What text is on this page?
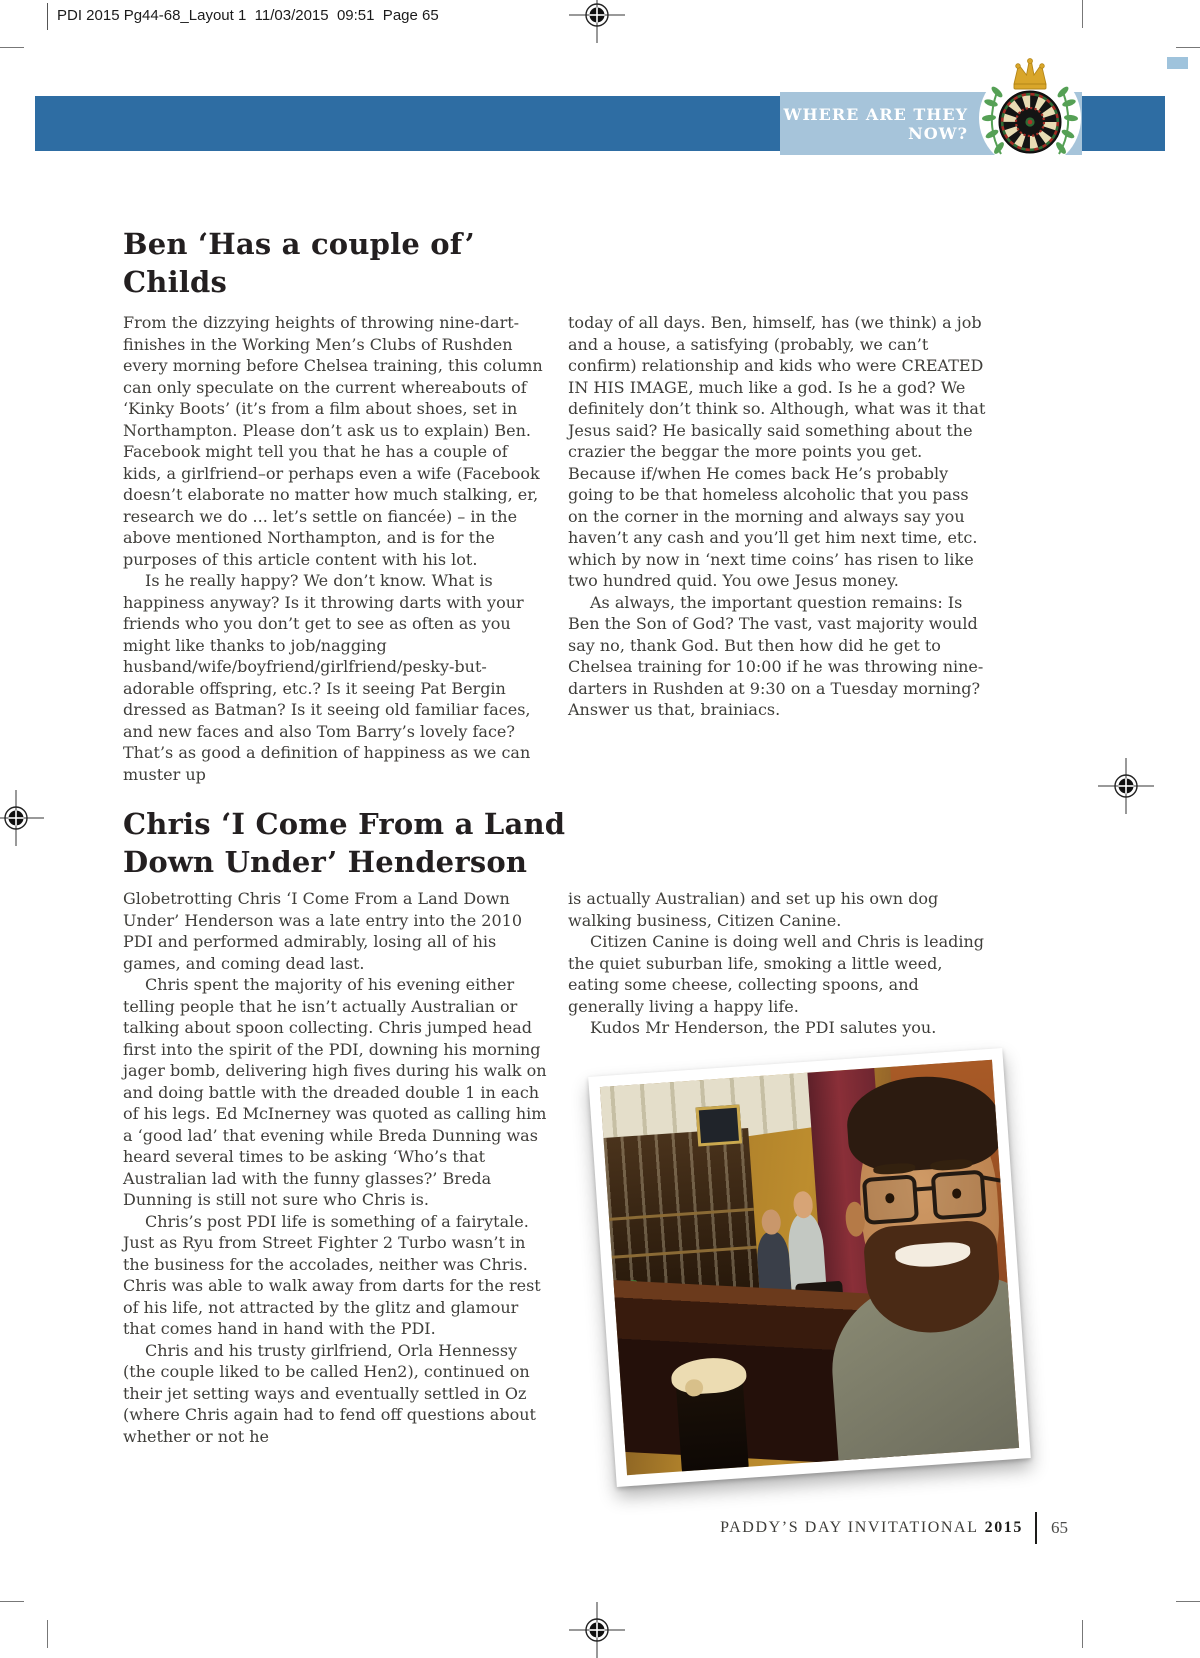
PDI 2015 Pg44-68_Layout 1  11/03/2015  09:51  Page 65
WHERE ARE THEY
NOW?
Ben ‘Has a couple of’
Childs

From the dizzying heights of throwing nine-dart-finishes in the Working Men’s Clubs of Rushden every morning before Chelsea training, this column can only speculate on the current whereabouts of ‘Kinky Boots’ (it’s from a film about shoes, set in Northampton. Please don’t ask us to explain) Ben. Facebook might tell you that he has a couple of kids, a girlfriend–or perhaps even a wife (Facebook doesn’t elaborate no matter how much stalking, er, research we do ... let’s settle on fiancée) – in the above mentioned Northampton, and is for the purposes of this article content with his lot.

Is he really happy? We don’t know. What is happiness anyway? Is it throwing darts with your friends who you don’t get to see as often as you might like thanks to job/nagging husband/wife/boyfriend/girlfriend/pesky-but-adorable offspring, etc.? Is it seeing Pat Bergin dressed as Batman? Is it seeing old familiar faces, and new faces and also Tom Barry’s lovely face? That’s as good a definition of happiness as we can muster up

today of all days. Ben, himself, has (we think) a job and a house, a satisfying (probably, we can’t confirm) relationship and kids who were CREATED IN HIS IMAGE, much like a god. Is he a god? We definitely don’t think so. Although, what was it that Jesus said? He basically said something about the crazier the beggar the more points you get. Because if/when He comes back He’s probably going to be that homeless alcoholic that you pass on the corner in the morning and always say you haven’t any cash and you’ll get him next time, etc. which by now in ‘next time coins’ has risen to like two hundred quid. You owe Jesus money.

As always, the important question remains: Is Ben the Son of God? The vast, vast majority would say no, thank God. But then how did he get to Chelsea training for 10:00 if he was throwing nine-darters in Rushden at 9:30 on a Tuesday morning? Answer us that, brainiacs.

Chris ‘I Come From a Land
Down Under’ Henderson

Globetrotting Chris ‘I Come From a Land Down Under’ Henderson was a late entry into the 2010 PDI and performed admirably, losing all of his games, and coming dead last.

Chris spent the majority of his evening either telling people that he isn’t actually Australian or talking about spoon collecting. Chris jumped head first into the spirit of the PDI, downing his morning jager bomb, delivering high fives during his walk on and doing battle with the dreaded double 1 in each of his legs. Ed McInerney was quoted as calling him a ‘good lad’ that evening while Breda Dunning was heard several times to be asking ‘Who’s that Australian lad with the funny glasses?’ Breda Dunning is still not sure who Chris is.

Chris’s post PDI life is something of a fairytale. Just as Ryu from Street Fighter 2 Turbo wasn’t in the business for the accolades, neither was Chris. Chris was able to walk away from darts for the rest of his life, not attracted by the glitz and glamour that comes hand in hand with the PDI.

Chris and his trusty girlfriend, Orla Hennessy (the couple liked to be called Hen2), continued on their jet setting ways and eventually settled in Oz (where Chris again had to fend off questions about whether or not he

is actually Australian) and set up his own dog walking business, Citizen Canine.

Citizen Canine is doing well and Chris is leading the quiet suburban life, smoking a little weed, eating some cheese, collecting spoons, and generally living a happy life.

Kudos Mr Henderson, the PDI salutes you.

PADDY’S DAY INVITATIONAL 2015 65
